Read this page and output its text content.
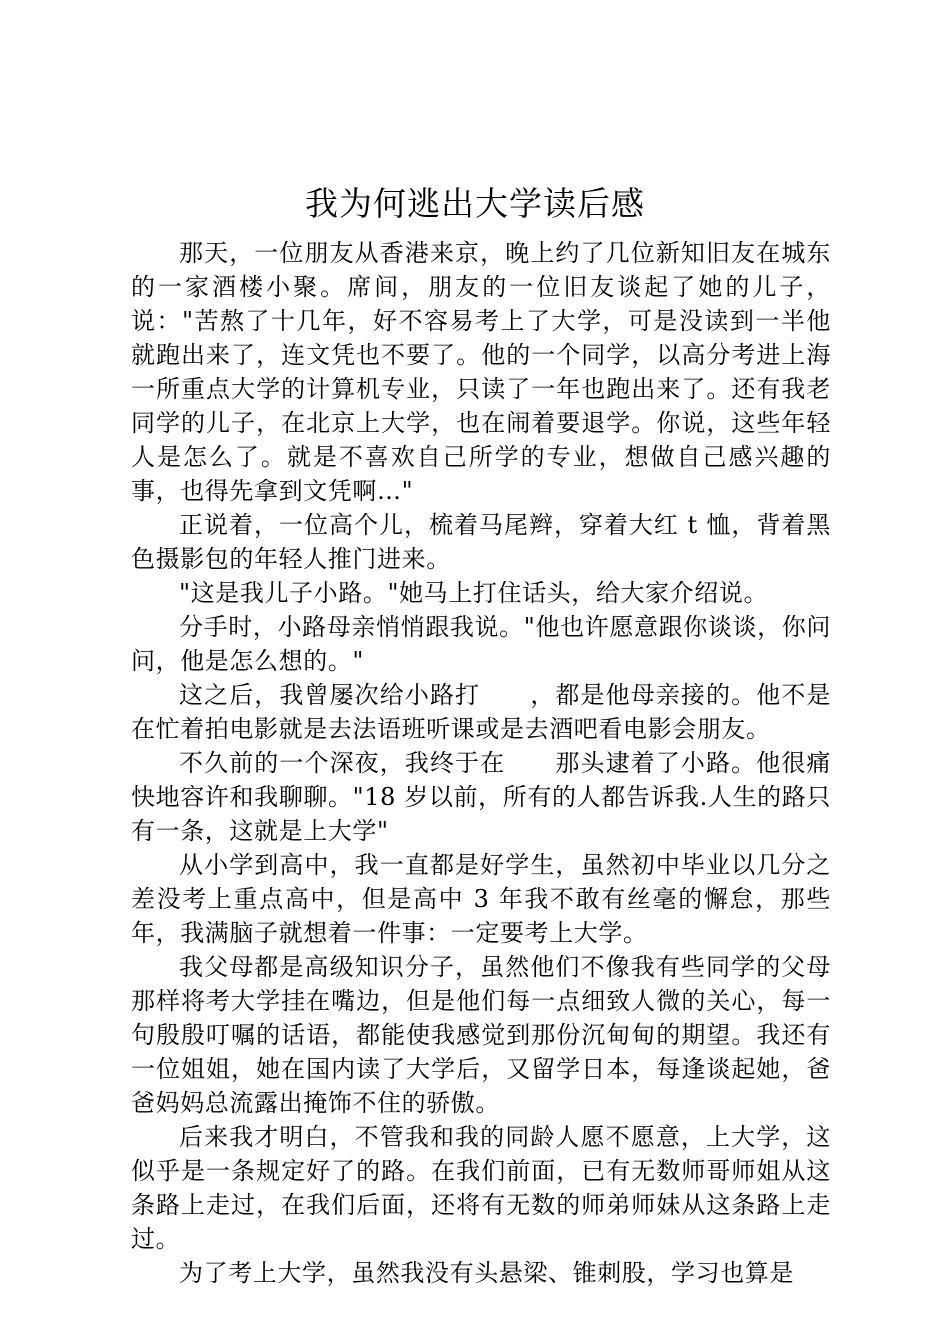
我为何逃出大学读后感

那天，一位朋友从香港来京，晚上约了几位新知旧友在城东的一家酒楼小聚。席间，朋友的一位旧友谈起了她的儿子，说："苦熬了十几年，好不容易考上了大学，可是没读到一半他就跑出来了，连文凭也不要了。他的一个同学，以高分考进上海一所重点大学的计算机专业，只读了一年也跑出来了。还有我老同学的儿子，在北京上大学，也在闹着要退学。你说，这些年轻人是怎么了。就是不喜欢自己所学的专业，想做自己感兴趣的事，也得先拿到文凭啊…"

正说着，一位高个儿，梳着马尾辫，穿着大红 t 恤，背着黑色摄影包的年轻人推门进来。

"这是我儿子小路。"她马上打住话头，给大家介绍说。

分手时，小路母亲悄悄跟我说。"他也许愿意跟你谈谈，你问问，他是怎么想的。"

这之后，我曾屡次给小路打　　，都是他母亲接的。他不是在忙着拍电影就是去法语班听课或是去酒吧看电影会朋友。

不久前的一个深夜，我终于在　　那头逮着了小路。他很痛快地容许和我聊聊。"18 岁以前，所有的人都告诉我.人生的路只有一条，这就是上大学"

从小学到高中，我一直都是好学生，虽然初中毕业以几分之差没考上重点高中，但是高中 3 年我不敢有丝毫的懈怠，那些年，我满脑子就想着一件事：一定要考上大学。

我父母都是高级知识分子，虽然他们不像我有些同学的父母那样将考大学挂在嘴边，但是他们每一点细致人微的关心，每一句殷殷叮嘱的话语，都能使我感觉到那份沉甸甸的期望。我还有一位姐姐，她在国内读了大学后，又留学日本，每逢谈起她，爸爸妈妈总流露出掩饰不住的骄傲。

后来我才明白，不管我和我的同龄人愿不愿意，上大学，这似乎是一条规定好了的路。在我们前面，已有无数师哥师姐从这条路上走过，在我们后面，还将有无数的师弟师妹从这条路上走过。

为了考上大学，虽然我没有头悬梁、锥刺股，学习也算是
